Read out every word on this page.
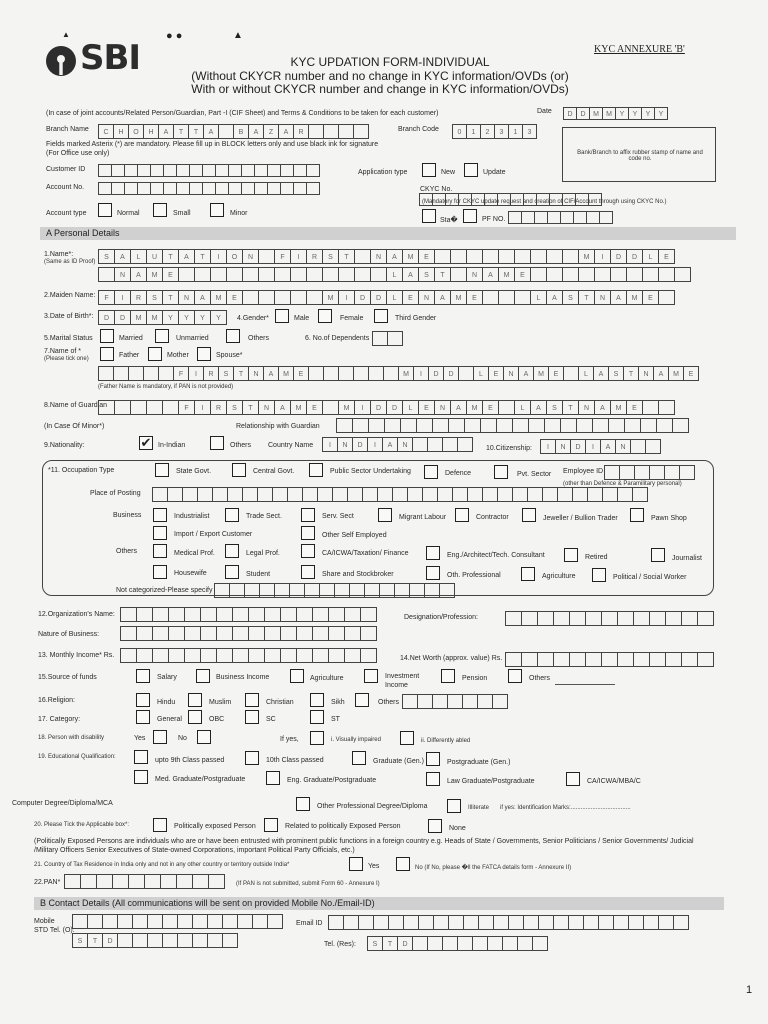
SBI
● ●	▲
▲
KYC ANNEXURE 'B'
KYC UPDATION FORM-INDIVIDUAL
(Without CKYCR number and no change in KYC information/OVDs (or)
With or without CKYCR number and change in KYC information/OVDs)
(In case of joint accounts/Related Person/Guardian, Part -I (CIF Sheet) and Terms & Conditions to be taken for each customer)	Date	D	D	M	M	Y	Y	Y	Y
Branch Name	C	H	O	H	A	T	T	A	B	A	Z	A	R	Branch Code	0	1	2	3	1	3
Fields marked Asterix (*) are mandatory. Please fill up in BLOCK letters only and use black ink for signature
(For Office use only)	Bank/Branch to affix rubber stamp of name and code no.
Customer ID	Application type	New	Update
Account No.	CKYC No.
(Mandatory for CKYC update request and creation of CIF/Account through using CKYC No.)
Account type	Normal	Small	Minor
Sta�	PF NO.
A Personal Details
1.Name*:
(Same as ID Proof)
S	A	L	U	T	A	T	I	O	N	F	I	R	S	T	N	A	M	E	M	I	D	D	L	E
N	A	M	E	L	A	S	T	N	A	M	E
2.Maiden Name:	F	I	R	S	T	N	A	M	E	M	I	D	D	L	E	N	A	M	E	L	A	S	T	N	A	M	E
3.Date of Birth*:	D	D	M	M	Y	Y	Y	Y	4.Gender*	Male	Female	Third Gender
5.Marital Status	Married	Unmarried	Others	6. No.of Dependents
7.Name of *
(Please tick one)	Father	Mother	Spouse*
F	I	R	S	T	N	A	M	E	M	I	D	D	L	E	N	A	M	E	L	A	S	T	N	A	M	E
(Father Name is mandatory, if PAN is not provided)
8.Name of Guardian	F	I	R	S	T	N	A	M	E	M	I	D	D	L	E	N	A	M	E	L	A	S	T	N	A	M	E
(In Case Of Minor*)	Relationship with Guardian
9.Nationality:	✔ In-Indian	Others Country Name	I	N	D	I	A	N	10.Citizenship:	I	N	D	I	A	N
*11. Occupation Type	State Govt.	Central Govt.	Public Sector Undertaking	Defence	Pvt. Sector Employee ID
(other than Defence & Paramilitary personal)
Place of Posting
Business	Industrialist	Trade Sect.	Serv. Sect	Migrant Labour	Contractor	Jeweller / Bullion Trader	Pawn Shop
Import / Export Customer	Other Self Employed
Others	Medical Prof.	Legal Prof.	CA/ICWA/Taxation/ Finance	Eng./Architect/Tech. Consultant	Retired	Journalist
Housewife	Student	Share and Stockbroker	Oth. Professional	Agriculture	Political / Social Worker
Not categorized-Please specify
12.Organization's Name:	Designation/Profession:
Nature of Business:
13. Monthly Income* Rs.	14.Net Worth (approx. value) Rs.
15.Source of funds	Salary	Business Income	Agriculture	Investment
Income
Pension	Others
16.Religion:	Hindu	Muslim	Christian	Sikh	Others
17. Category:	General	OBC	SC	ST
18. Person with disability	Yes	No	If yes,	i. Visually impaired	ii. Differently abled
19. Educational Qualification:	upto 9th Class passed	10th Class passed	Graduate (Gen.)	Postgraduate (Gen.)
Med. Graduate/Postgraduate	Eng. Graduate/Postgraduate	Law Graduate/Postgraduate	CA/ICWA/MBA/C
Computer Degree/Diploma/MCA	Other Professional Degree/Diploma	Illiterate if yes: Identification Marks:....................................
20. Please Tick the Applicable box*:	Politically exposed Person	Related to politically Exposed Person	None
(Politically Exposed Persons are individuals who are or have been entrusted with prominent public functions in a foreign country e.g. Heads of State / Governments, Senior Politicians / Senior Governments/ Judicial
/Military Officers Senior Executives of State-owned Corporations, important Political Party Officials, etc.)
21. Country of Tax Residence in India only and not in any other country or territory outside India*	Yes	No (If No, please �ll the FATCA details form - Annexure II)
22.PAN*	(If PAN is not submitted, submit Form 60 - Annexure I)
B Contact Details (All communications will be sent on provided Mobile No./Email-ID)
Mobile
STD Tel. (O):
S	T	D
Email ID
Tel. (Res):	S	T	D
1
